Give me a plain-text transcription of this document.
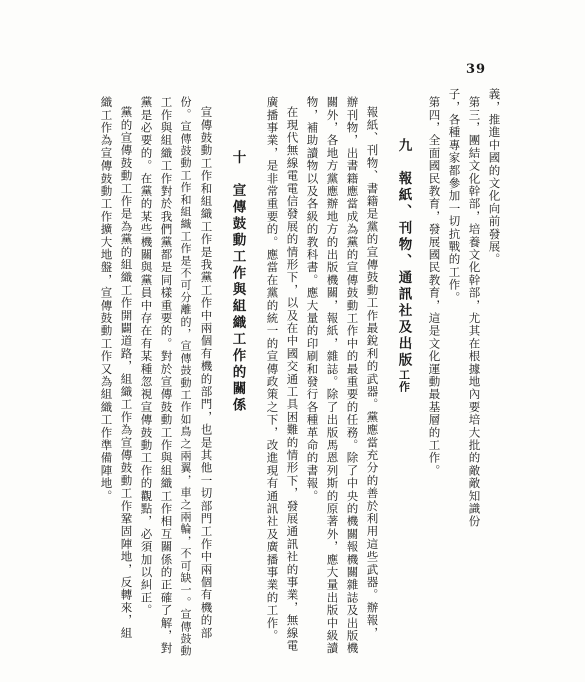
39
義，推進中國的文化向前發展。
第三，團結文化幹部，培養文化幹部，尤其在根據地內要培大批的敵敵知識份
子，各種專家都參加一切抗戰的工作。
第四，全面國民教育，發展國民教育，這是文化運動最基層的工作。
九　報紙、刊物、通訊社及出版工作
報紙、刊物、書籍是黨的宣傳鼓動工作最銳利的武器。黨應當充分的善於利用這些武器。辦報，
辦刊物，出書籍應當成為黨的宣傳鼓動工作中的最重要的任務。除了中央的機關報機關雜誌及出版機
關外，各地方黨應辦地方的出版機關，報紙，雜誌。除了出版馬恩列斯的原著外，應大量出版中級讀
物，補助讀物以及各級的教科書。應大量的印刷和發行各種革命的書報。
在現代無線電電信發展的情形下，以及在中國交通工具困難的情形下，發展通訊社的事業，無線電
廣播事業，是非常重要的。應當在黨的統一的宣傳政策之下，改進現有通訊社及廣播事業的工作。
十　宣傳鼓動工作與組織工作的關係
宣傳鼓動工作和組織工作是我黨工作中兩個有機的部門，也是其他一切部門工作中兩個有機的部
份。宣傳鼓動工作和組織工作是不可分離的，宣傳鼓動工作如鳥之兩翼，車之兩輪，不可缺一。宣傳鼓動
工作與組織工作對於我們黨都是同樣重要的。對於宣傳鼓動工作與組織工作相互關係的正確了解，對
黨是必要的。在黨的某些機關與黨員中存在有某種忽視宣傳鼓動工作的觀點，必須加以糾正。
黨的宣傳鼓動工作是為黨的組織工作開闢道路，組織工作為宣傳鼓動工作鞏固陣地，反轉來，組
織工作為宣傳鼓動工作擴大地盤，宣傳鼓動工作又為組織工作準備陣地。
